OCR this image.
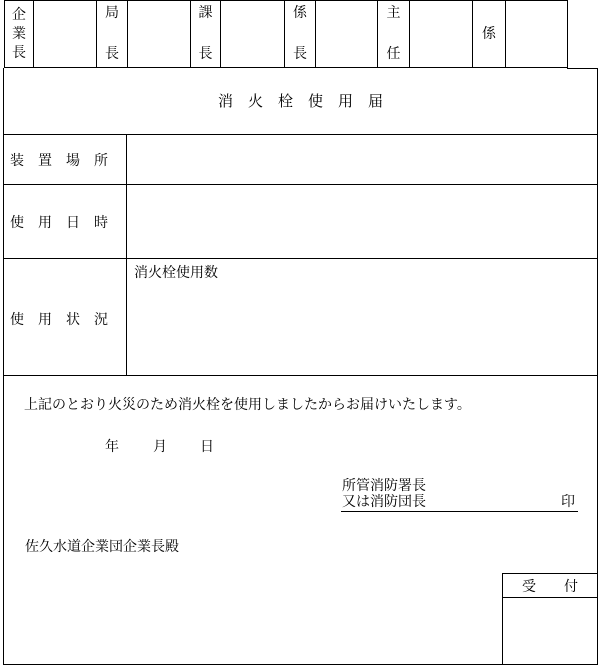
企
業
長
局
長
課
長
係
長
主
任
係
消　火　栓　使　用　届
装　置　場　所
使　用　日　時
使　用　状　況
消火栓使用数
上記のとおり火災のため消火栓を使用しましたからお届けいたします。
年 月 日
所管消防署長
又は消防団長	印
佐久水道企業団企業長殿
受　　付
